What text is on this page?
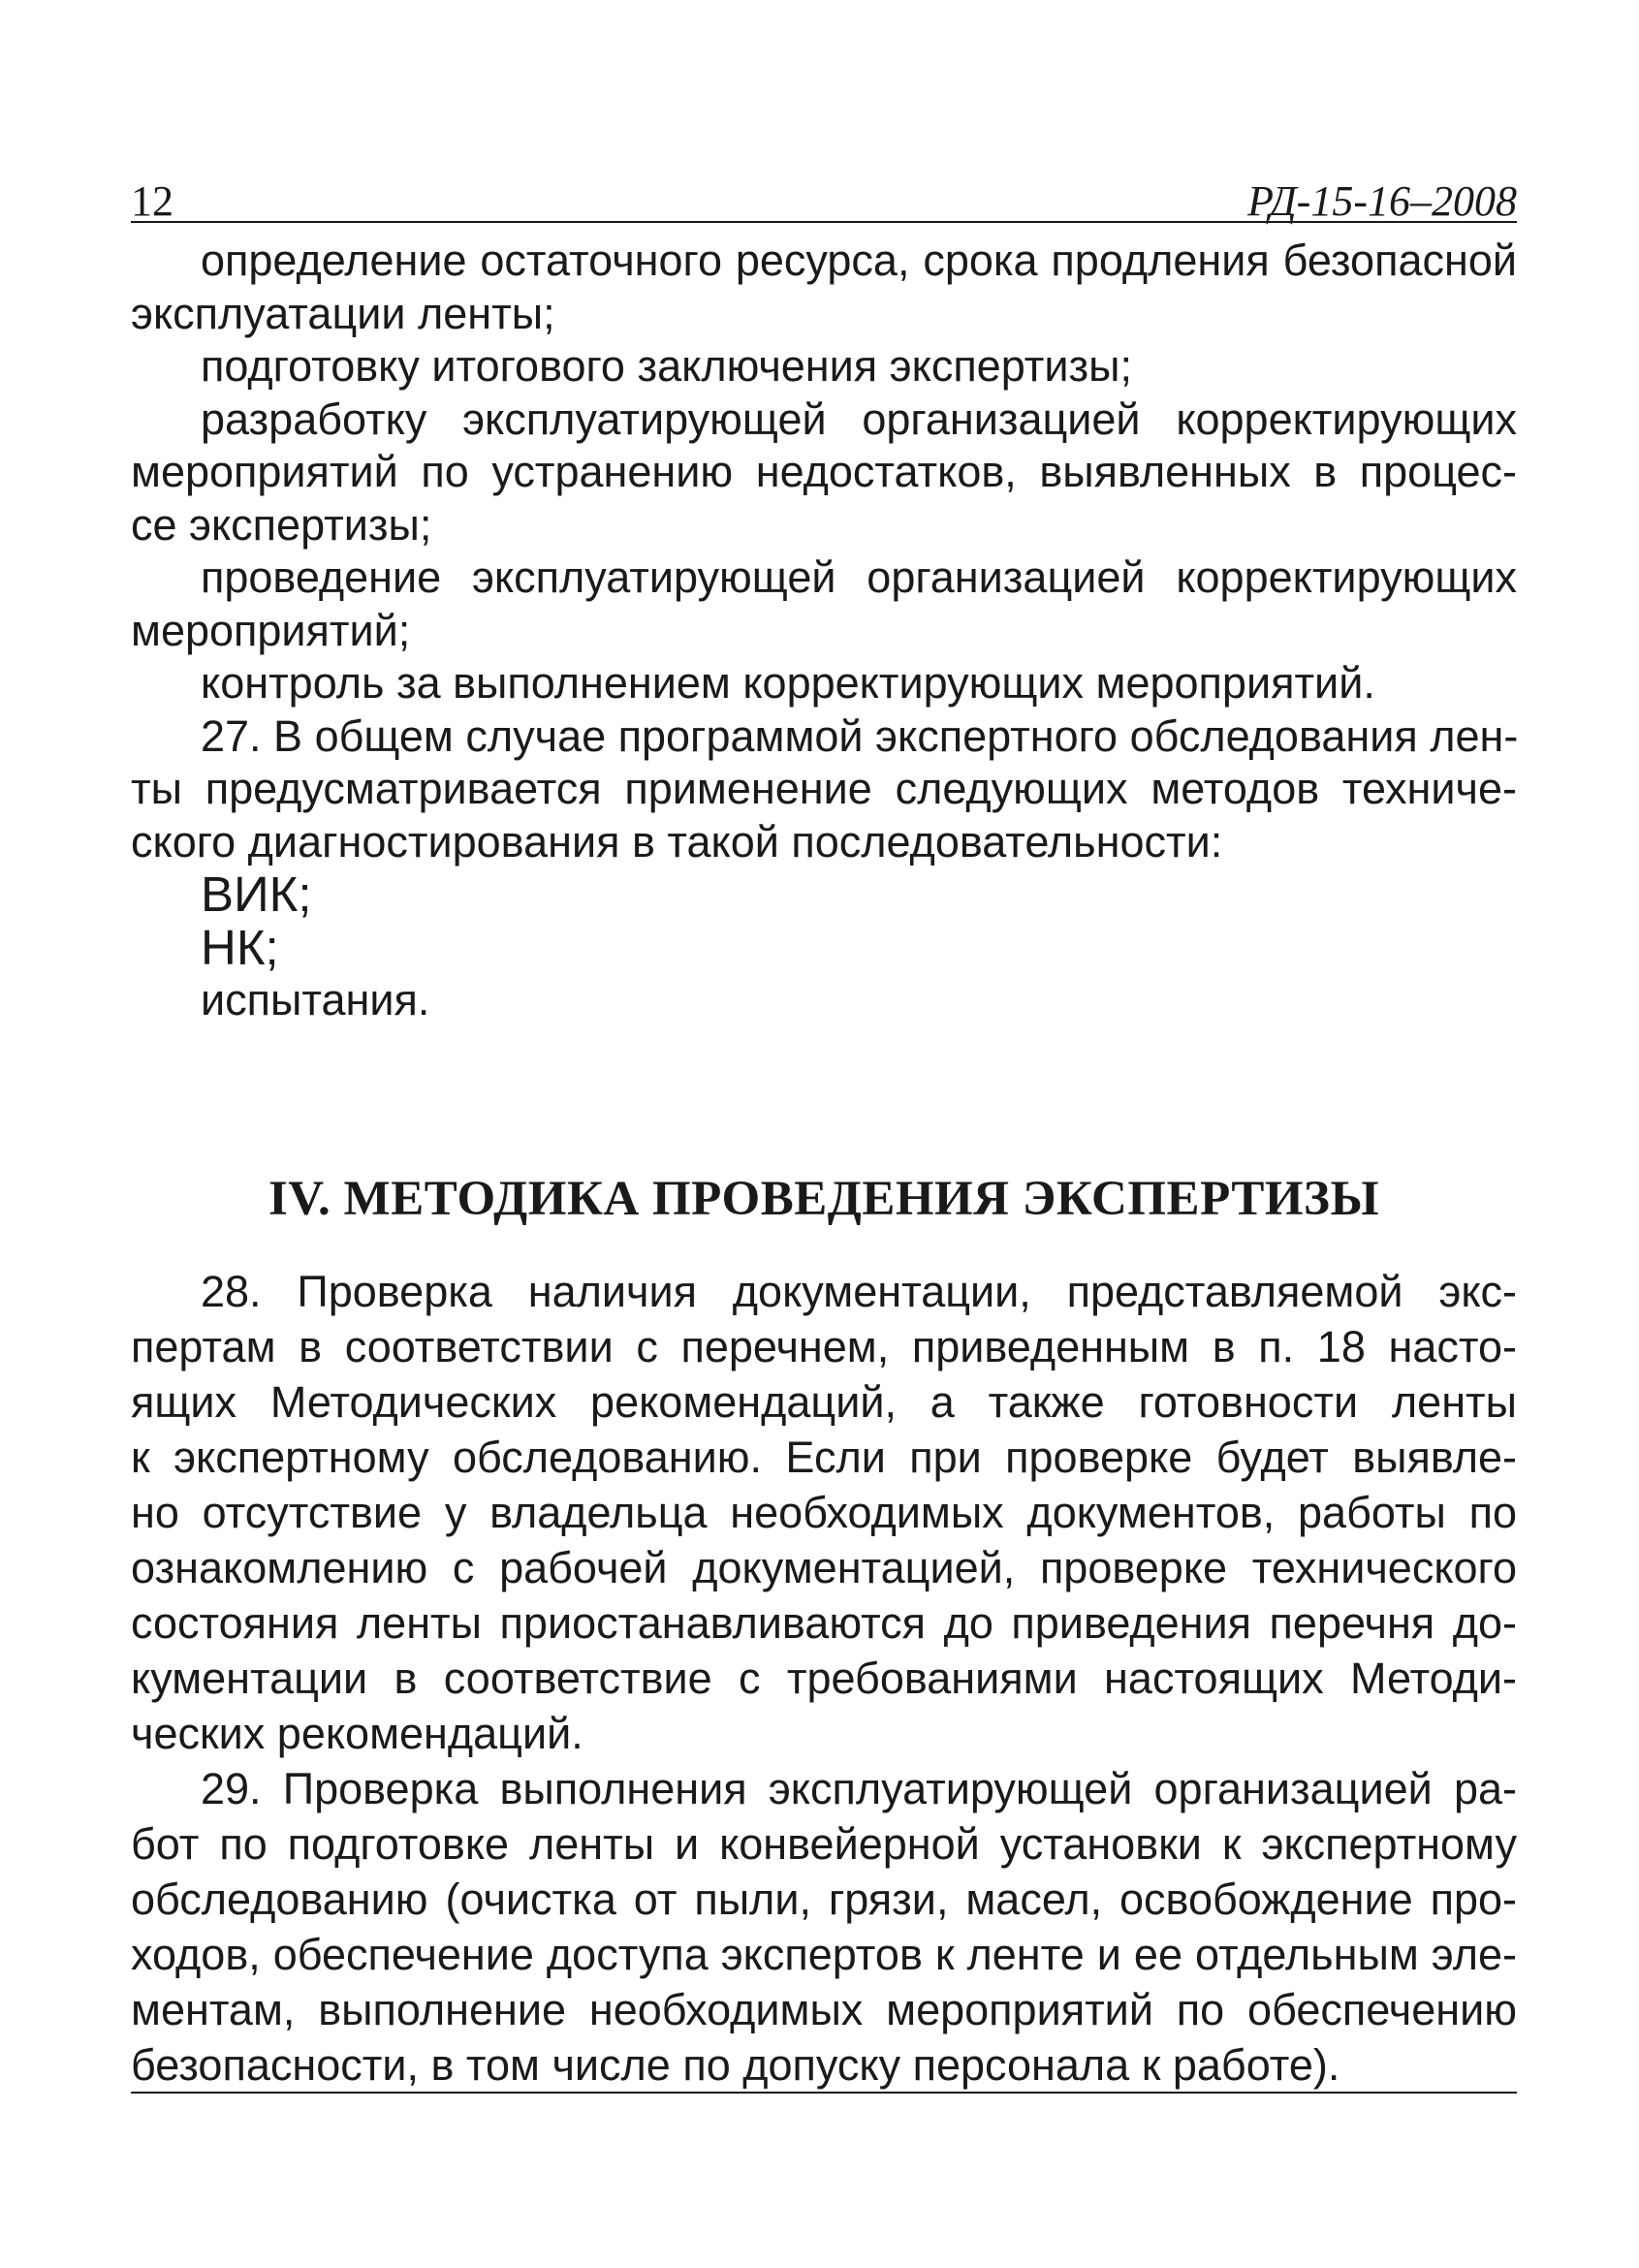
12	РД-15-16–2008
определение остаточного ресурса, срока продления безопасной
эксплуатации ленты;
подготовку итогового заключения экспертизы;
разработку эксплуатирующей организацией корректирующих
мероприятий по устранению недостатков, выявленных в процес-
се экспертизы;
проведение эксплуатирующей организацией корректирующих
мероприятий;
контроль за выполнением корректирующих мероприятий.
27. В общем случае программой экспертного обследования лен-
ты предусматривается применение следующих методов техниче-
ского диагностирования в такой последовательности:
ВИК;
НК;
испытания.
IV. МЕТОДИКА ПРОВЕДЕНИЯ ЭКСПЕРТИЗЫ
28. Проверка наличия документации, представляемой экс-
пертам в соответствии с перечнем, приведенным в п. 18 насто-
ящих Методических рекомендаций, а также готовности ленты
к экспертному обследованию. Если при проверке будет выявле-
но отсутствие у владельца необходимых документов, работы по
ознакомлению с рабочей документацией, проверке технического
состояния ленты приостанавливаются до приведения перечня до-
кументации в соответствие с требованиями настоящих Методи-
ческих рекомендаций.
29. Проверка выполнения эксплуатирующей организацией ра-
бот по подготовке ленты и конвейерной установки к экспертному
обследованию (очистка от пыли, грязи, масел, освобождение про-
ходов, обеспечение доступа экспертов к ленте и ее отдельным эле-
ментам, выполнение необходимых мероприятий по обеспечению
безопасности, в том числе по допуску персонала к работе).
